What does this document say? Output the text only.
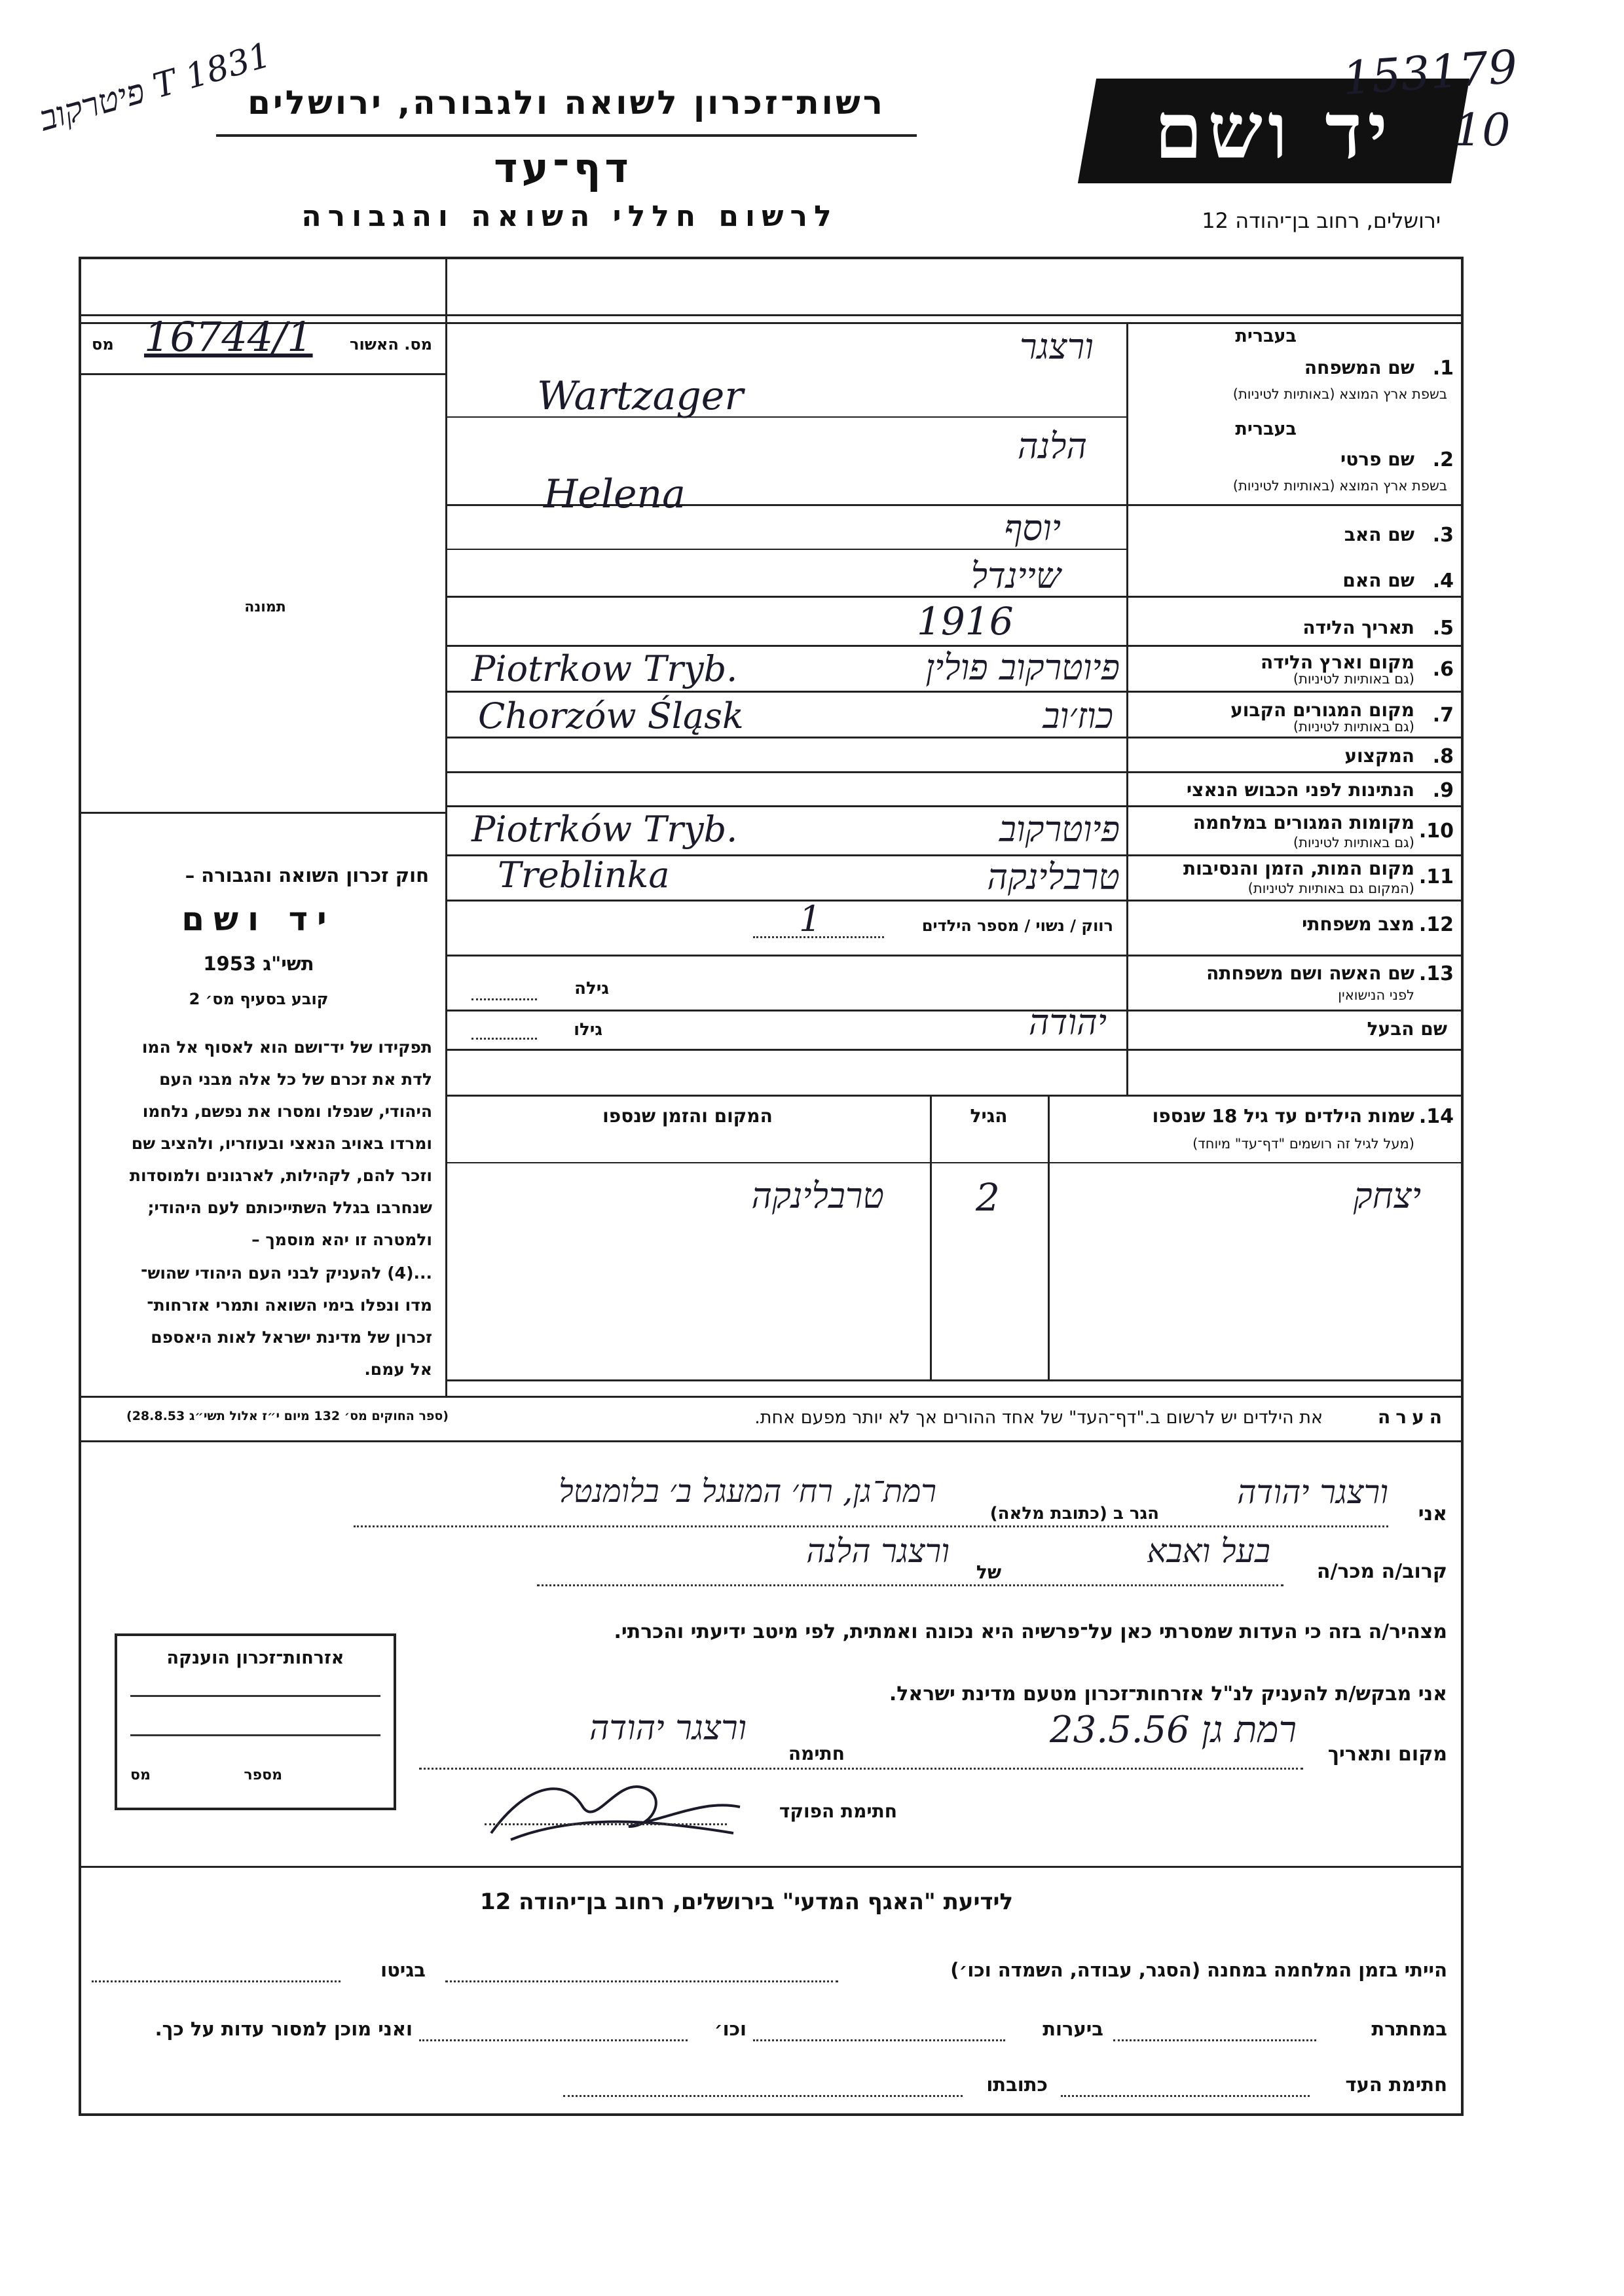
רשות־זכרון לשואה ולגבורה, ירושלים
דף־עד
לרשום חללי השואה והגבורה
יד ושם
ירושלים, רחוב בן־יהודה 12
153179
10
T 1831 פיטרקוב
מס. האשור
מס 16744/1
תמונה
חוק זכרון השואה והגבורה –
יד ושם
תשי"ג 1953
קובע בסעיף מס׳ 2
תפקידו של יד־ושם הוא לאסוף אל המו
לדת את זכרם של כל אלה מבני העם
היהודי, שנפלו ומסרו את נפשם, נלחמו
ומרדו באויב הנאצי ובעוזריו, ולהציב שם
וזכר להם, לקהילות, לארגונים ולמוסדות
שנחרבו בגלל השתייכותם לעם היהודי;
ולמטרה זו יהא מוסמך –
...(4) להעניק לבני העם היהודי שהוש־
מדו ונפלו בימי השואה ותמרי אזרחות־
זכרון של מדינת ישראל לאות היאספם
אל עמם.
(ספר החוקים מס׳ 132 מיום י״ז אלול תשי״ג 28.8.53)
בעברית
שם המשפחה 1.
בשפת ארץ המוצא (באותיות לטיניות)
ורצגר
Wartzager
בעברית
שם פרטי 2.
בשפת ארץ המוצא (באותיות לטיניות)
הלנה
Helena
שם האב 3.
יוסף
שם האם 4.
שיינדל
תאריך הלידה 5.
1916
מקום וארץ הלידה 6.
(גם באותיות לטיניות)
פיוטרקוב פולין
Piotrkow Tryb.
מקום המגורים הקבוע 7.
(גם באותיות לטיניות)
כוז׳וב
Chorzów Śląsk
המקצוע 8.
הנתינות לפני הכבוש הנאצי 9.
מקומות המגורים במלחמה 10.
(גם באותיות לטיניות)
פיוטרקוב
Piotrków Tryb.
מקום המות, הזמן והנסיבות 11.
(המקום גם באותיות לטיניות)
טרבלינקה
Treblinka
מצב משפחתי 12.
רווק / נשוי / מספר הילדים
1
שם האשה ושם משפחתה 13.
לפני הנישואין
גילה
שם הבעל
גילו	יהודה
שמות הילדים עד גיל 18 שנספו 14.
(מעל לגיל זה רושמים "דף־עד" מיוחד)
הגיל
המקום והזמן שנספו
יצחק
2
טרבלינקה
הערה
את הילדים יש לרשום ב."דף־העד" של אחד ההורים אך לא יותר מפעם אחת.
אני
ורצגר יהודה
הגר ב (כתובת מלאה)
רמת־גן, רח׳ המעגל ב׳ בלומנטל
קרוב/ה מכר/ה
בעל ואבא
של
ורצגר הלנה
מצהיר/ה בזה כי העדות שמסרתי כאן על־פרשיה היא נכונה ואמתית, לפי מיטב ידיעתי והכרתי.
אני מבקש/ת להעניק לנ"ל אזרחות־זכרון מטעם מדינת ישראל.
מקום ותאריך
רמת גן 23.5.56
חתימה
ורצגר יהודה
חתימת הפוקד
אזרחות־זכרון הוענקה
מספר
מס
לידיעת "האגף המדעי" בירושלים, רחוב בן־יהודה 12
הייתי בזמן המלחמה במחנה (הסגר, עבודה, השמדה וכו׳)
בגיטו
במחתרת
ביערות
וכו׳
ואני מוכן למסור עדות על כך.
חתימת העד
כתובתו
